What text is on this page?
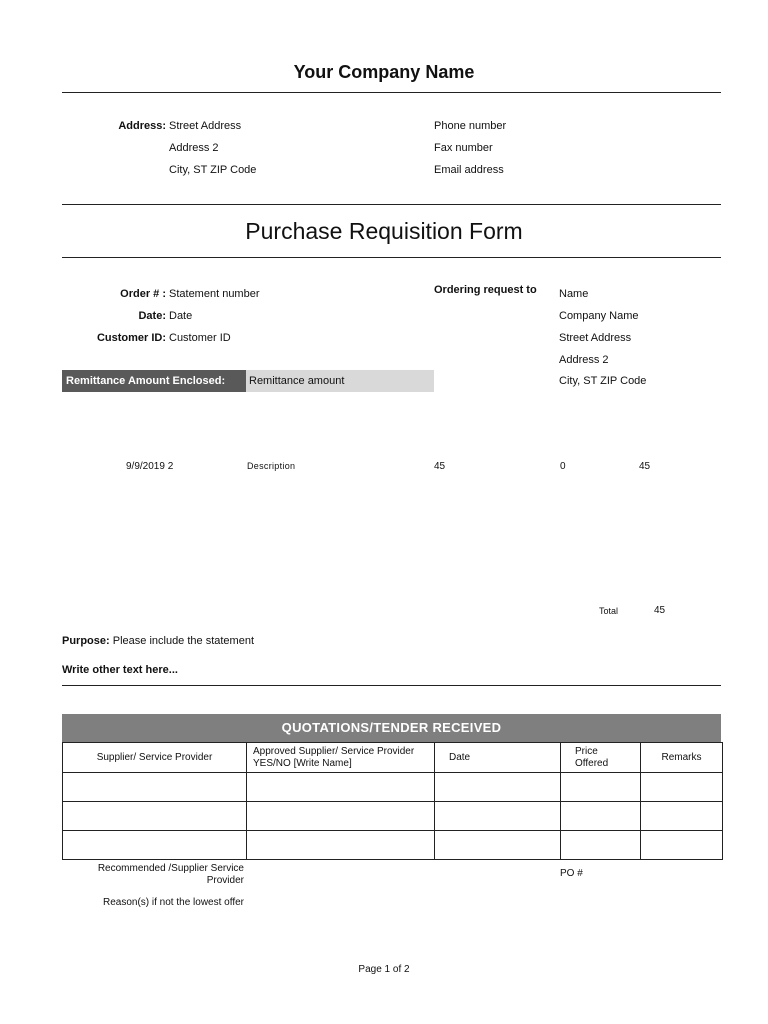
Your Company Name
Address: Street Address
Address 2
City, ST ZIP Code
Phone number
Fax number
Email address
Purchase Requisition Form
Order # : Statement number
Date: Date
Customer ID: Customer ID
Remittance Amount Enclosed:	Remittance amount
Ordering request to Name
Company Name
Street Address
Address 2
City, ST ZIP Code
9/9/2019 2	Description	45	0	45
Total	45
Purpose: Please include the statement
Write other text here...
QUOTATIONS/TENDER RECEIVED
Supplier/ Service Provider	Approved Supplier/ Service Provider YES/NO [Write Name]	Date	Price Offered	Remarks

Recommended /Supplier Service Provider
PO #
Reason(s) if not the lowest offer
Page 1 of 2
